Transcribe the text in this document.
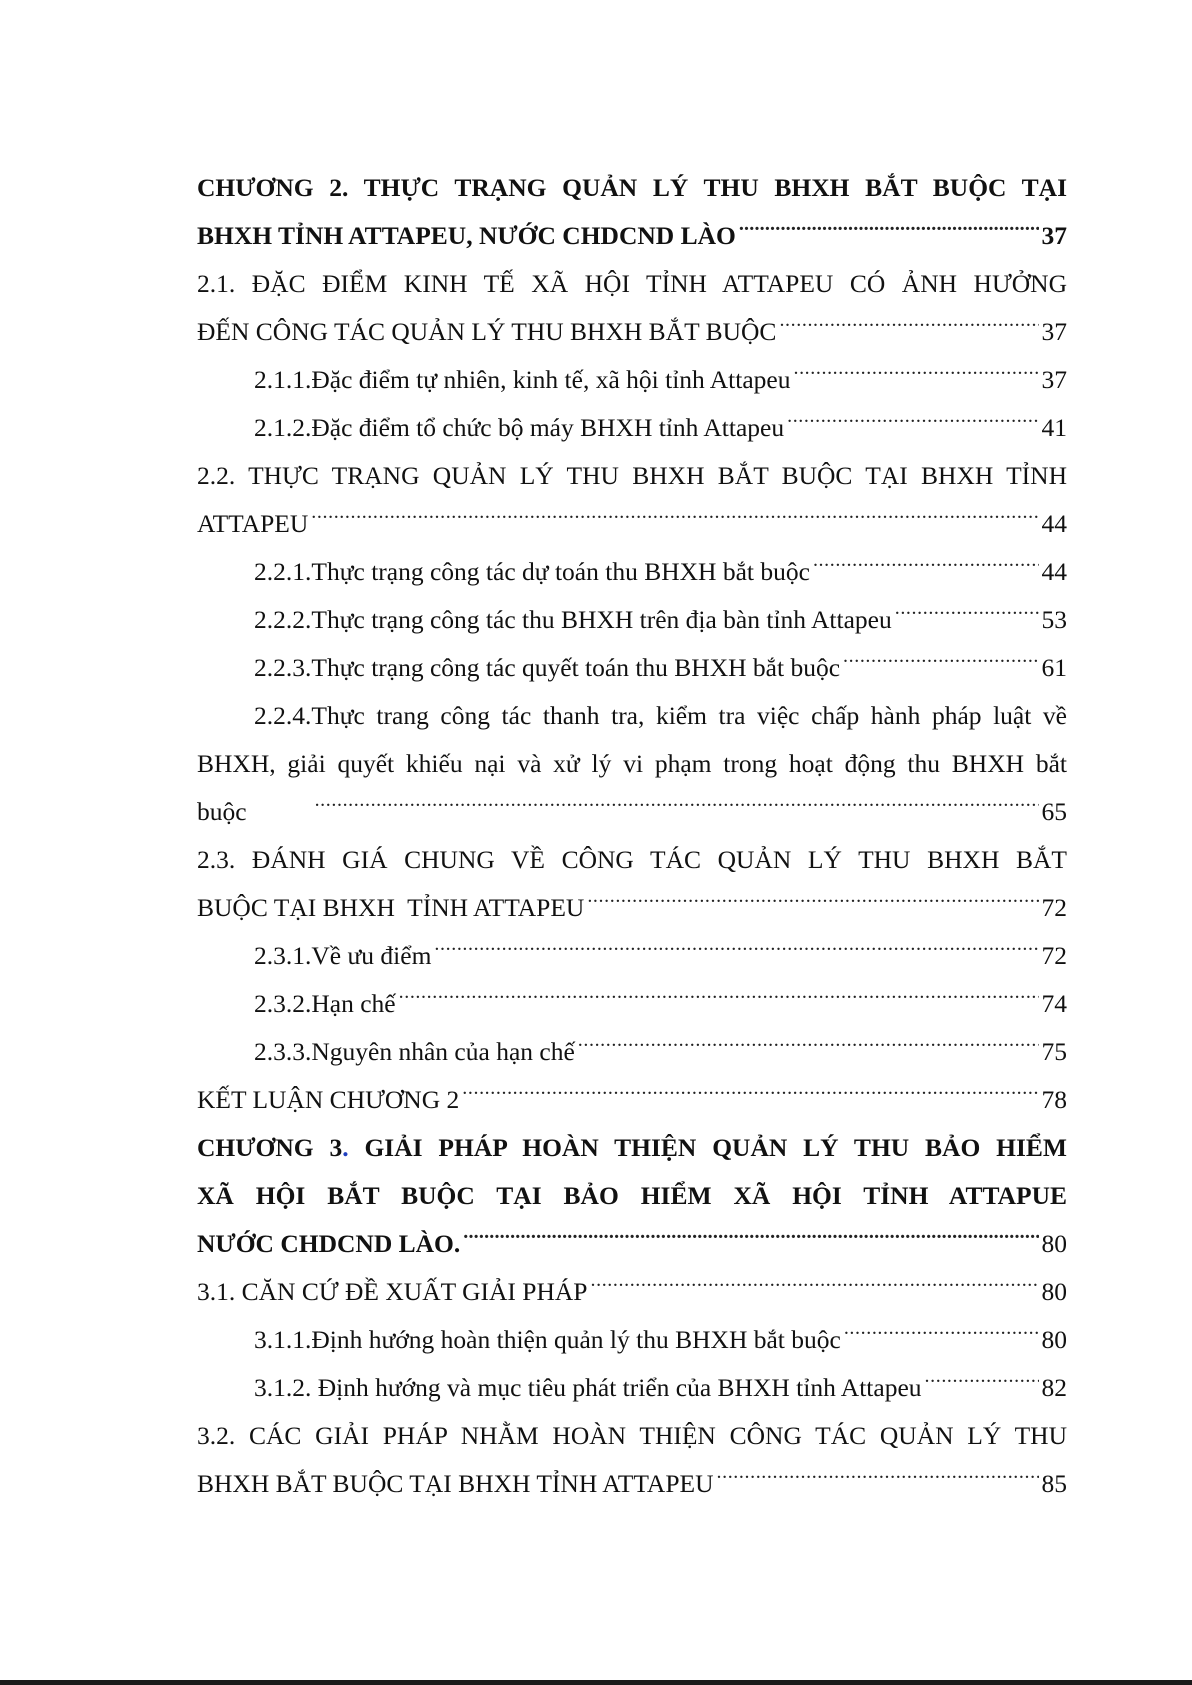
CHƯƠNG 2. THỰC TRẠNG QUẢN LÝ THU BHXH BẮT BUỘC TẠI
BHXH TỈNH ATTAPEU, NƯỚC CHDCND LÀO .....	37
2.1. ĐẶC ĐIỂM KINH TẾ XÃ HỘI TỈNH ATTAPEU CÓ ẢNH HƯỞNG
ĐẾN CÔNG TÁC QUẢN LÝ THU BHXH BẮT BUỘC .....	37
2.1.1.Đặc điểm tự nhiên, kinh tế, xã hội tỉnh Attapeu .....	37
2.1.2.Đặc điểm tổ chức bộ máy BHXH tỉnh Attapeu .....	41
2.2. THỰC TRẠNG QUẢN LÝ THU BHXH BẮT BUỘC TẠI BHXH TỈNH
ATTAPEU .....	44
2.2.1.Thực trạng công tác dự toán thu BHXH bắt buộc .....	44
2.2.2.Thực trạng công tác thu BHXH trên địa bàn tỉnh Attapeu .....	53
2.2.3.Thực trạng công tác quyết toán thu BHXH bắt buộc .....	61
2.2.4.Thực trang công tác thanh tra, kiểm tra việc chấp hành pháp luật về
BHXH, giải quyết khiếu nại và xử lý vi phạm trong hoạt động thu BHXH bắt
buộc .....	65
2.3. ĐÁNH GIÁ CHUNG VỀ CÔNG TÁC QUẢN LÝ THU BHXH BẮT
BUỘC TẠI BHXH  TỈNH ATTAPEU .....	72
2.3.1.Về ưu điểm .....	72
2.3.2.Hạn chế .....	74
2.3.3.Nguyên nhân của hạn chế .....	75
KẾT LUẬN CHƯƠNG 2 .....	78
CHƯƠNG 3. GIẢI PHÁP HOÀN THIỆN QUẢN LÝ THU BẢO HIỂM
XÃ HỘI BẮT BUỘC TẠI BẢO HIỂM XÃ HỘI TỈNH ATTAPUE
NƯỚC CHDCND LÀO. .....	80
3.1. CĂN CỨ ĐỀ XUẤT GIẢI PHÁP .....	80
3.1.1.Định hướng hoàn thiện quản lý thu BHXH bắt buộc .....	80
3.1.2. Định hướng và mục tiêu phát triển của BHXH tỉnh Attapeu .....	82
3.2. CÁC GIẢI PHÁP NHẰM HOÀN THIỆN CÔNG TÁC QUẢN LÝ THU
BHXH BẮT BUỘC TẠI BHXH TỈNH ATTAPEU .....	85
